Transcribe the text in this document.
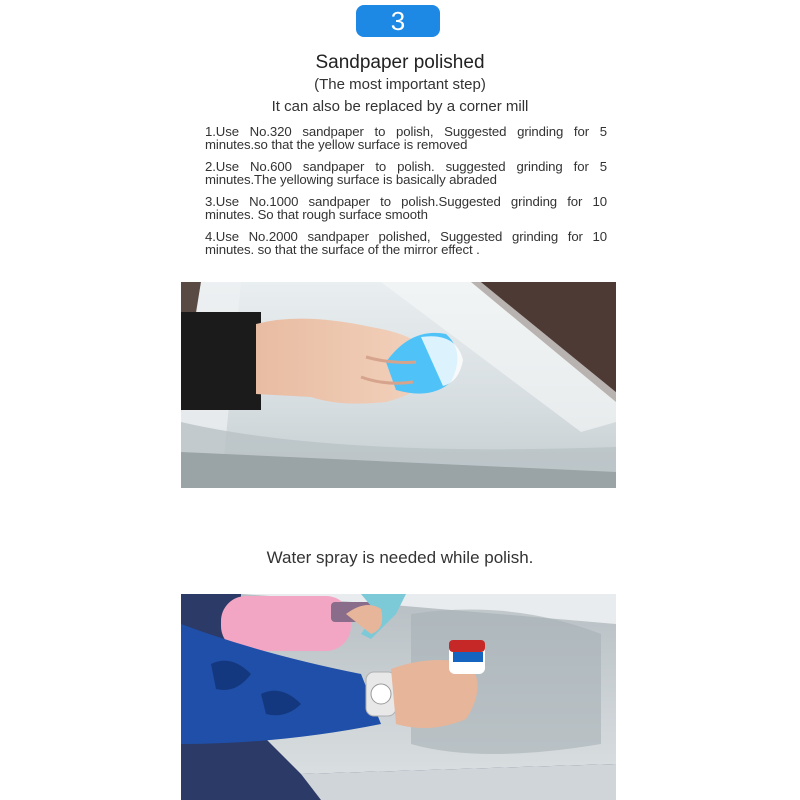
3
Sandpaper polished
(The most important step)
It can also be replaced by a corner mill

1.Use No.320 sandpaper to polish, Suggested grinding for 5 minutes.so that the yellow surface is removed

2.Use No.600 sandpaper to polish. suggested grinding for 5 minutes.The yellowing surface is basically abraded

3.Use No.1000 sandpaper to polish.Suggested grinding for 10 minutes. So that rough surface smooth

4.Use No.2000 sandpaper polished, Suggested grinding for 10 minutes. so that the surface of the mirror effect .

Water spray is needed while polish.
